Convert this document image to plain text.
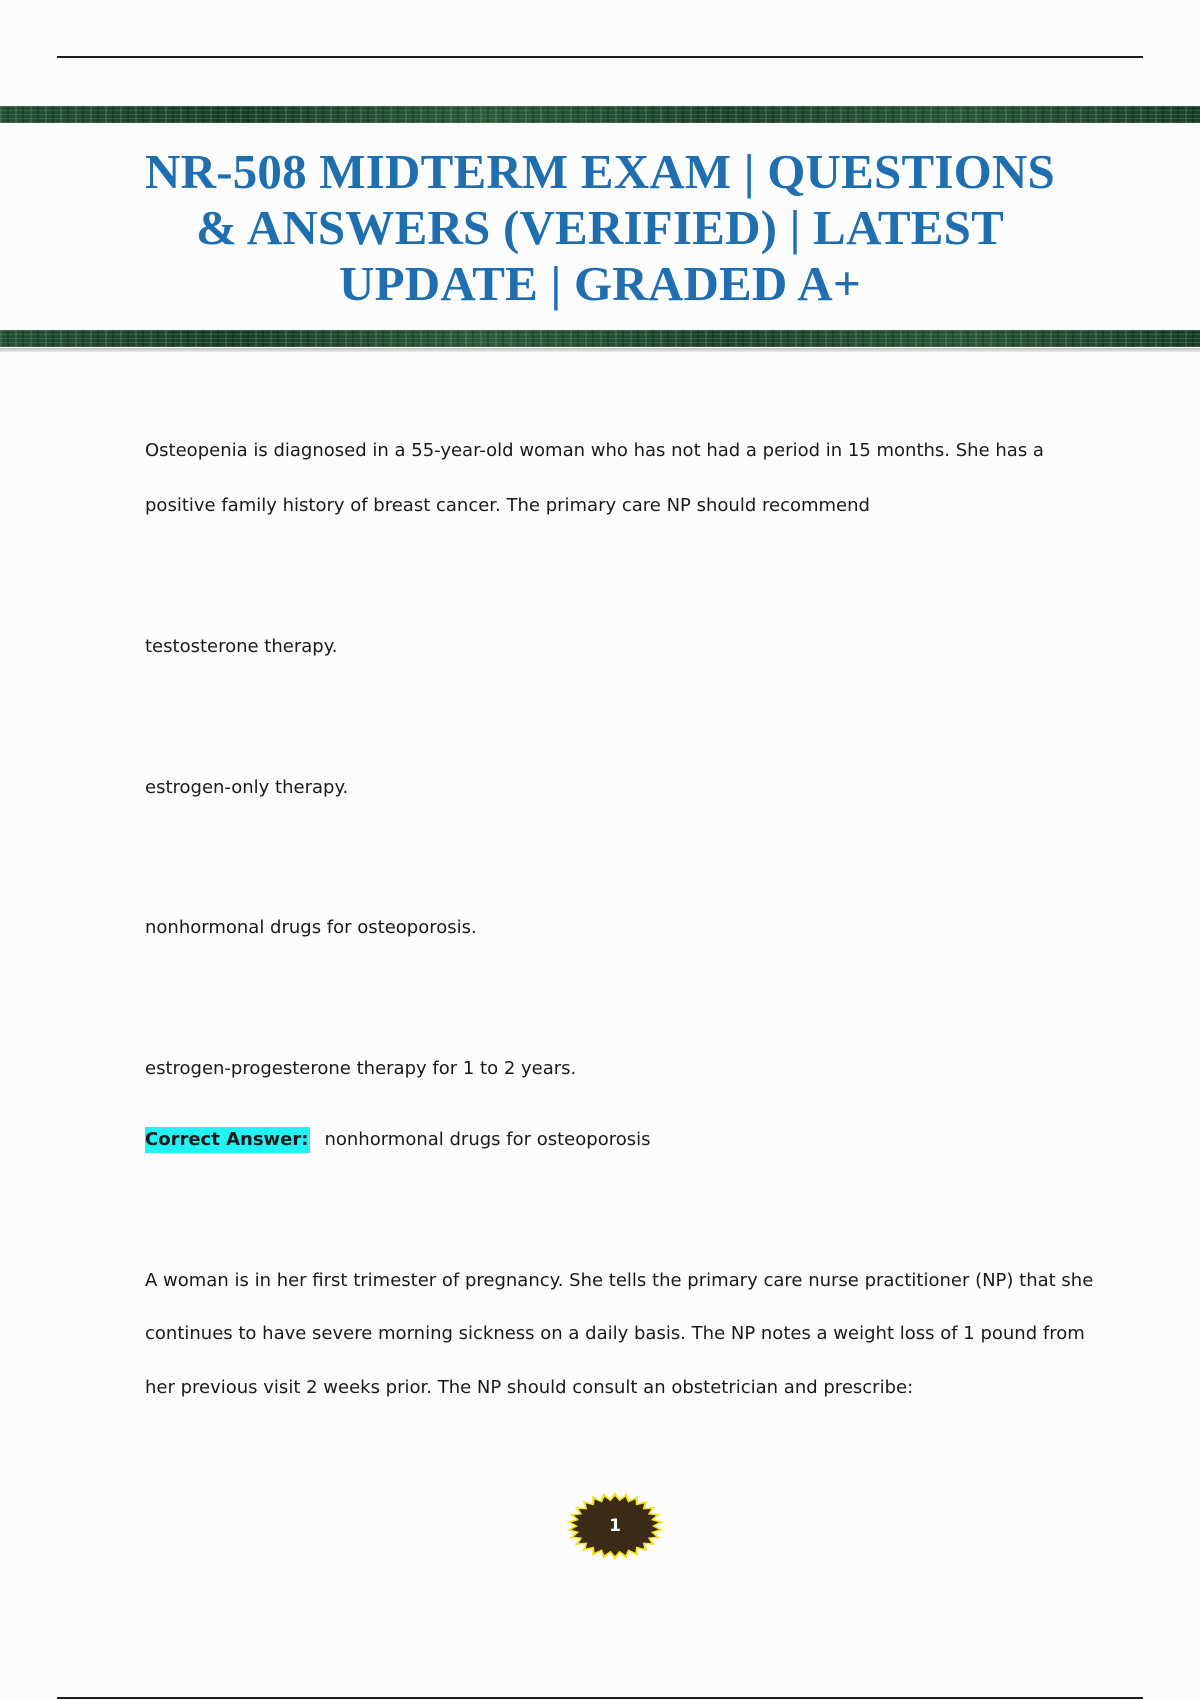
NR-508 MIDTERM EXAM | QUESTIONS
& ANSWERS (VERIFIED) | LATEST
UPDATE | GRADED A+

Osteopenia is diagnosed in a 55-year-old woman who has not had a period in 15 months. She has a

positive family history of breast cancer. The primary care NP should recommend

testosterone therapy.

estrogen-only therapy.

nonhormonal drugs for osteoporosis.

estrogen-progesterone therapy for 1 to 2 years.

Correct Answer: nonhormonal drugs for osteoporosis

A woman is in her first trimester of pregnancy. She tells the primary care nurse practitioner (NP) that she

continues to have severe morning sickness on a daily basis. The NP notes a weight loss of 1 pound from

her previous visit 2 weeks prior. The NP should consult an obstetrician and prescribe:

1
